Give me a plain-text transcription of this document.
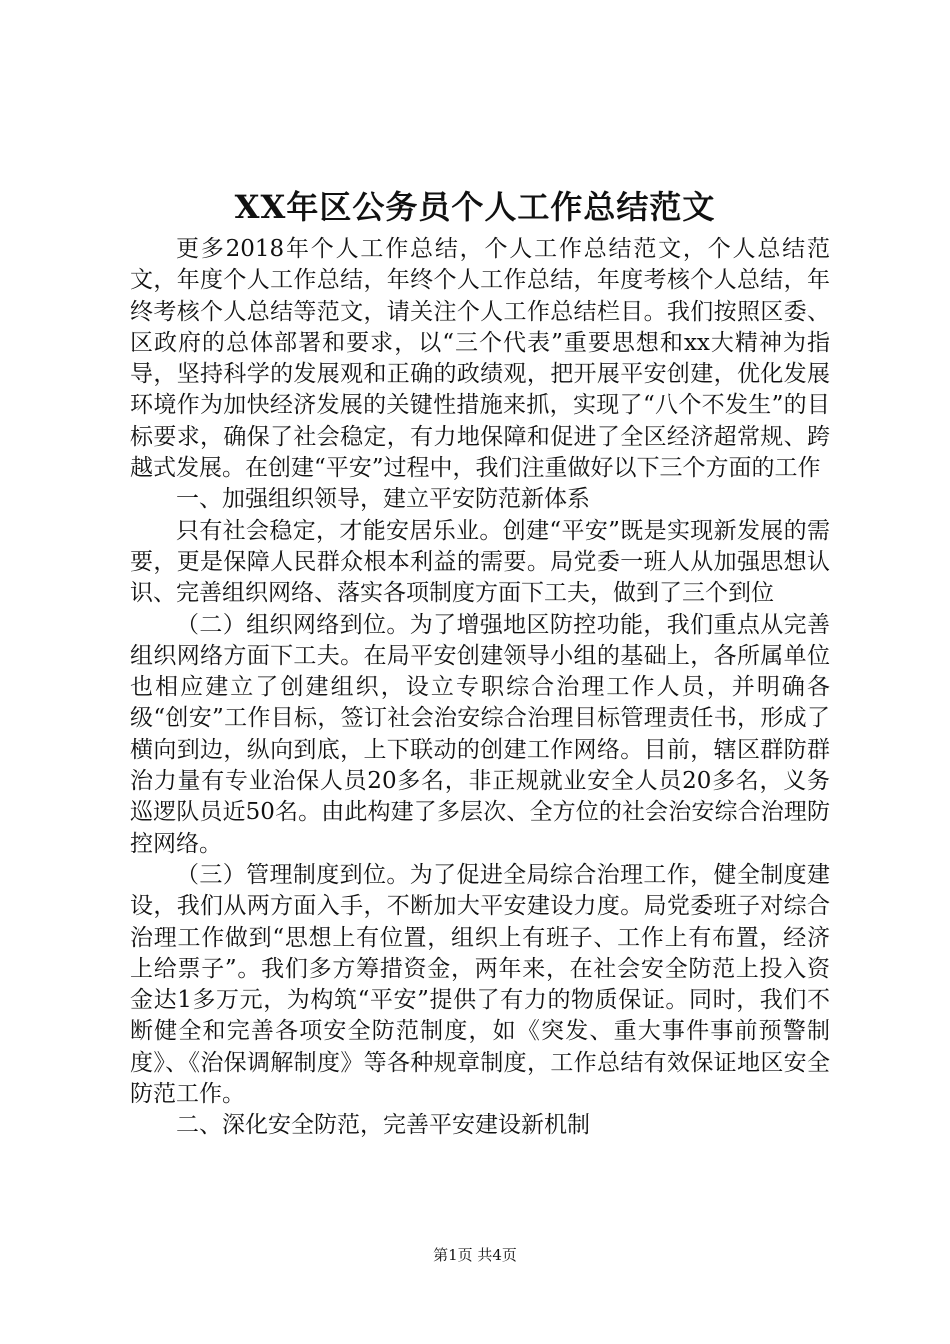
XX年区公务员个人工作总结范文

更多2018年个人工作总结，个人工作总结范文，个人总结范文，年度个人工作总结，年终个人工作总结，年度考核个人总结，年终考核个人总结等范文，请关注个人工作总结栏目。我们按照区委、区政府的总体部署和要求，以“三个代表”重要思想和xx大精神为指导，坚持科学的发展观和正确的政绩观，把开展平安创建，优化发展环境作为加快经济发展的关键性措施来抓，实现了“八个不发生”的目标要求，确保了社会稳定，有力地保障和促进了全区经济超常规、跨越式发展。在创建“平安”过程中，我们注重做好以下三个方面的工作

一、加强组织领导，建立平安防范新体系

只有社会稳定，才能安居乐业。创建“平安”既是实现新发展的需要，更是保障人民群众根本利益的需要。局党委一班人从加强思想认识、完善组织网络、落实各项制度方面下工夫，做到了三个到位

（二）组织网络到位。为了增强地区防控功能，我们重点从完善组织网络方面下工夫。在局平安创建领导小组的基础上，各所属单位也相应建立了创建组织，设立专职综合治理工作人员，并明确各级“创安”工作目标，签订社会治安综合治理目标管理责任书，形成了横向到边，纵向到底，上下联动的创建工作网络。目前，辖区群防群治力量有专业治保人员20多名，非正规就业安全人员20多名，义务巡逻队员近50名。由此构建了多层次、全方位的社会治安综合治理防控网络。

（三）管理制度到位。为了促进全局综合治理工作，健全制度建设，我们从两方面入手，不断加大平安建设力度。局党委班子对综合治理工作做到“思想上有位置，组织上有班子、工作上有布置，经济上给票子”。我们多方筹措资金，两年来，在社会安全防范上投入资金达1多万元，为构筑“平安”提供了有力的物质保证。同时，我们不断健全和完善各项安全防范制度，如《突发、重大事件事前预警制度》、《治保调解制度》等各种规章制度，工作总结有效保证地区安全防范工作。

二、深化安全防范，完善平安建设新机制

第1页 共4页
